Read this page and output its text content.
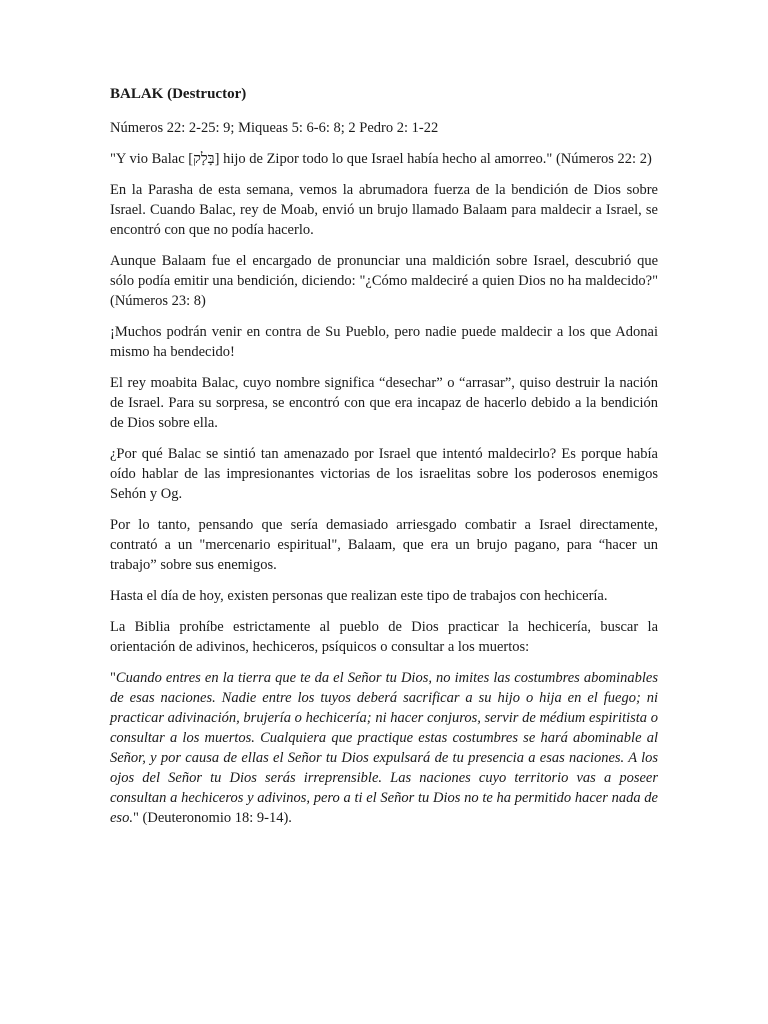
BALAK (Destructor)

Números 22: 2-25: 9; Miqueas 5: 6-6: 8; 2 Pedro 2: 1-22

"Y vio Balac [בָּלָק] hijo de Zipor todo lo que Israel había hecho al amorreo." (Números 22: 2)

En la Parasha de esta semana, vemos la abrumadora fuerza de la bendición de Dios sobre Israel. Cuando Balac, rey de Moab, envió un brujo llamado Balaam para maldecir a Israel, se encontró con que no podía hacerlo.

Aunque Balaam fue el encargado de pronunciar una maldición sobre Israel, descubrió que sólo podía emitir una bendición, diciendo: "¿Cómo maldeciré a quien Dios no ha maldecido?" (Números 23: 8)

¡Muchos podrán venir en contra de Su Pueblo, pero nadie puede maldecir a los que Adonai mismo ha bendecido!

El rey moabita Balac, cuyo nombre significa “desechar” o “arrasar”, quiso destruir la nación de Israel. Para su sorpresa, se encontró con que era incapaz de hacerlo debido a la bendición de Dios sobre ella.

¿Por qué Balac se sintió tan amenazado por Israel que intentó maldecirlo? Es porque había oído hablar de las impresionantes victorias de los israelitas sobre los poderosos enemigos Sehón y Og.

Por lo tanto, pensando que sería demasiado arriesgado combatir a Israel directamente, contrató a un "mercenario espiritual", Balaam, que era un brujo pagano, para “hacer un trabajo” sobre sus enemigos.

Hasta el día de hoy, existen personas que realizan este tipo de trabajos con hechicería.

La Biblia prohíbe estrictamente al pueblo de Dios practicar la hechicería, buscar la orientación de adivinos, hechiceros, psíquicos o consultar a los muertos:

"Cuando entres en la tierra que te da el Señor tu Dios, no imites las costumbres abominables de esas naciones. Nadie entre los tuyos deberá sacrificar a su hijo o hija en el fuego; ni practicar adivinación, brujería o hechicería; ni hacer conjuros, servir de médium espiritista o consultar a los muertos. Cualquiera que practique estas costumbres se hará abominable al Señor, y por causa de ellas el Señor tu Dios expulsará de tu presencia a esas naciones. A los ojos del Señor tu Dios serás irreprensible. Las naciones cuyo territorio vas a poseer consultan a hechiceros y adivinos, pero a ti el Señor tu Dios no te ha permitido hacer nada de eso." (Deuteronomio 18: 9-14).
